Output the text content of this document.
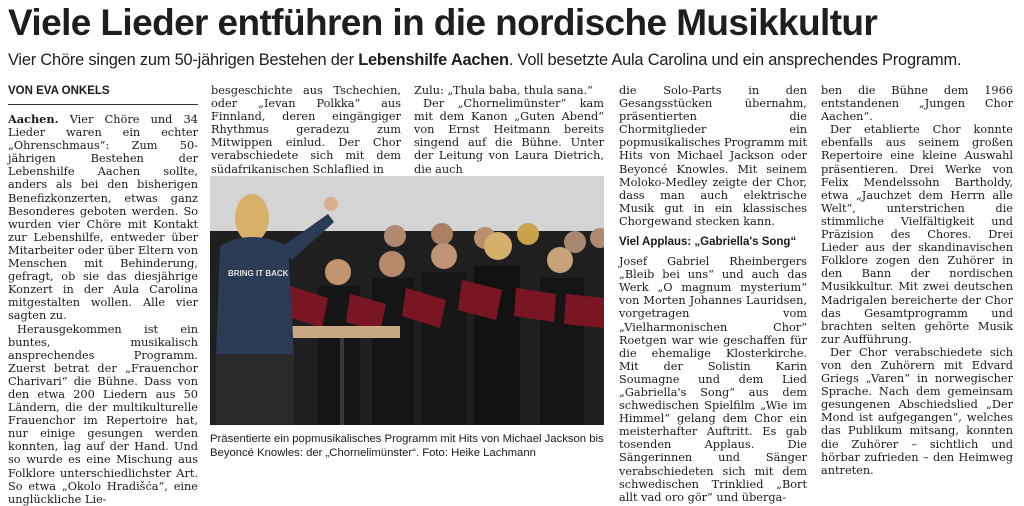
Viele Lieder entführen in die nordische Musikkultur
Vier Chöre singen zum 50-jährigen Bestehen der Lebenshilfe Aachen. Voll besetzte Aula Carolina und ein ansprechendes Programm.
VON EVA ONKELS

Aachen. Vier Chöre und 34 Lieder waren ein echter „Ohrenschmaus“: Zum 50-jährigen Bestehen der Lebenshilfe Aachen sollte, anders als bei den bisherigen Benefizkonzerten, etwas ganz Besonderes geboten werden. So wurden vier Chöre mit Kontakt zur Lebenshilfe, entweder über Mitarbeiter oder über Eltern von Menschen mit Behinderung, gefragt, ob sie das diesjährige Konzert in der Aula Carolina mitgestalten wollen. Alle vier sagten zu.

Herausgekommen ist ein buntes, musikalisch ansprechendes Programm. Zuerst betrat der „Frauenchor Charivari“ die Bühne. Dass von den etwa 200 Liedern aus 50 Ländern, die der multikulturelle Frauenchor im Repertoire hat, nur einige gesungen werden konnten, lag auf der Hand. Und so wurde es eine Mischung aus Folklore unterschiedlichster Art. So etwa „Okolo Hradišća“, eine unglückliche Lie-

besgeschichte aus Tschechien, oder „Ievan Polkka“ aus Finnland, deren eingängiger Rhythmus geradezu zum Mitwippen einlud. Der Chor verabschiedete sich mit dem südafrikanischen Schlaflied in

Zulu: „Thula baba, thula sana.“

Der „Chornelimünster“ kam mit dem Kanon „Guten Abend“ von Ernst Heitmann bereits singend auf die Bühne. Unter der Leitung von Laura Dietrich, die auch

die Solo-Parts in den Gesangsstücken übernahm, präsentierten die Chormitglieder ein popmusikalisches Programm mit Hits von Michael Jackson oder Beyoncé Knowles. Mit seinem Moloko-Medley zeigte der Chor, dass man auch elektrische Musik gut in ein klassisches Chorgewand stecken kann.

Viel Applaus: „Gabriella's Song“

Josef Gabriel Rheinbergers „Bleib bei uns“ und auch das Werk „O magnum mysterium“ von Morten Johannes Lauridsen, vorgetragen vom „Vielharmonischen Chor“ Roetgen war wie geschaffen für die ehemalige Klosterkirche. Mit der Solistin Karin Soumagne und dem Lied „Gabriella's Song“ aus dem schwedischen Spielfilm „Wie im Himmel“ gelang dem Chor ein meisterhafter Auftritt. Es gab tosenden Applaus. Die Sängerinnen und Sänger verabschiedeten sich mit dem schwedischen Trinklied „Bort allt vad oro gör“ und überga-

ben die Bühne dem 1966 entstandenen „Jungen Chor Aachen“.

Der etablierte Chor konnte ebenfalls aus seinem großen Repertoire eine kleine Auswahl präsentieren. Drei Werke von Felix Mendelssohn Bartholdy, etwa „Jauchzet dem Herrn alle Welt“, unterstrichen die stimmliche Vielfältigkeit und Präzision des Chores. Drei Lieder aus der skandinavischen Folklore zogen den Zuhörer in den Bann der nordischen Musikkultur. Mit zwei deutschen Madrigalen bereicherte der Chor das Gesamtprogramm und brachten selten gehörte Musik zur Aufführung.

Der Chor verabschiedete sich von den Zuhörern mit Edvard Griegs „Varen“ in norwegischer Sprache. Nach dem gemeinsam gesungenen Abschiedslied „Der Mond ist aufgegangen“, welches das Publikum mitsang, konnten die Zuhörer – sichtlich und hörbar zufrieden – den Heimweg antreten.

BRING IT BACK
Präsentierte ein popmusikalisches Programm mit Hits von Michael Jackson bis Beyoncé Knowles: der „Chornelimünster“. Foto: Heike Lachmann
